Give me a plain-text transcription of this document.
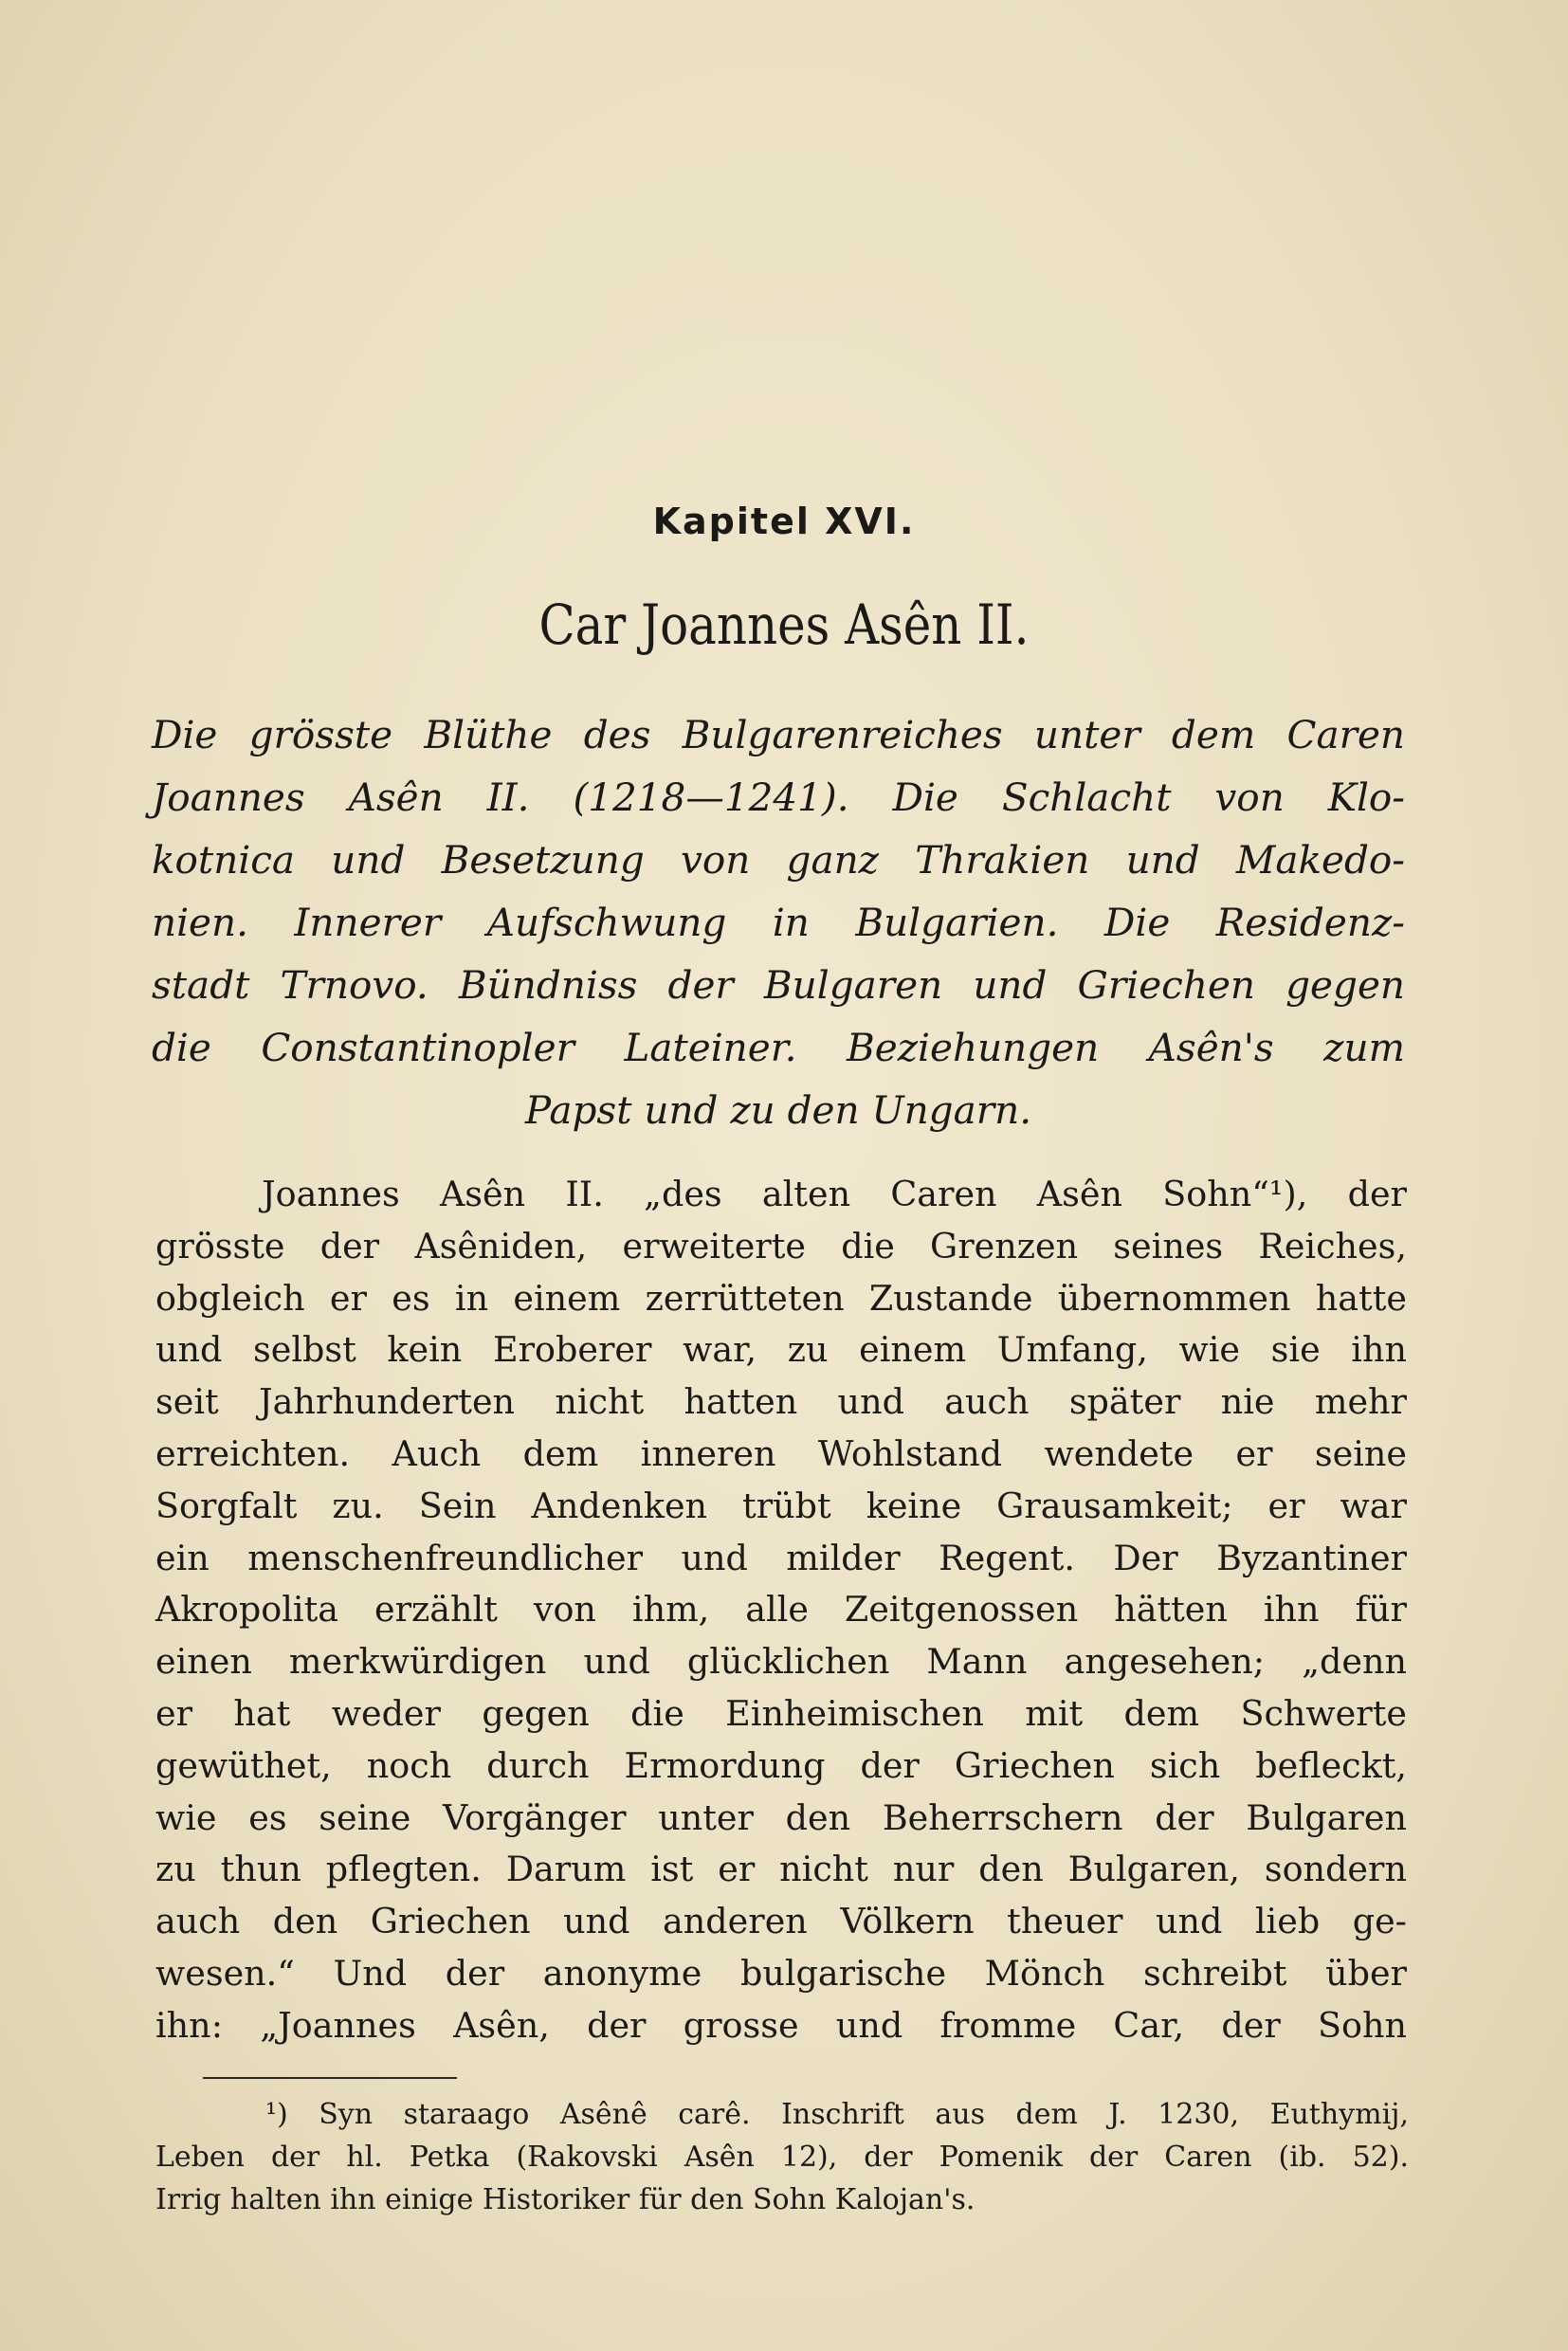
Kapitel XVI.
Car Joannes Asên II.
Die grösste Blüthe des Bulgarenreiches unter dem Caren
Joannes Asên II. (1218—1241). Die Schlacht von Klo-
kotnica und Besetzung von ganz Thrakien und Makedo-
nien. Innerer Aufschwung in Bulgarien. Die Residenz-
stadt Trnovo. Bündniss der Bulgaren und Griechen gegen
die Constantinopler Lateiner. Beziehungen Asên's zum
Papst und zu den Ungarn.
Joannes Asên II. „des alten Caren Asên Sohn“¹), der
grösste der Asêniden, erweiterte die Grenzen seines Reiches,
obgleich er es in einem zerrütteten Zustande übernommen hatte
und selbst kein Eroberer war, zu einem Umfang, wie sie ihn
seit Jahrhunderten nicht hatten und auch später nie mehr
erreichten. Auch dem inneren Wohlstand wendete er seine
Sorgfalt zu. Sein Andenken trübt keine Grausamkeit; er war
ein menschenfreundlicher und milder Regent. Der Byzantiner
Akropolita erzählt von ihm, alle Zeitgenossen hätten ihn für
einen merkwürdigen und glücklichen Mann angesehen; „denn
er hat weder gegen die Einheimischen mit dem Schwerte
gewüthet, noch durch Ermordung der Griechen sich befleckt,
wie es seine Vorgänger unter den Beherrschern der Bulgaren
zu thun pflegten. Darum ist er nicht nur den Bulgaren, sondern
auch den Griechen und anderen Völkern theuer und lieb ge-
wesen.“ Und der anonyme bulgarische Mönch schreibt über
ihn: „Joannes Asên, der grosse und fromme Car, der Sohn
¹) Syn staraago Asênê carê. Inschrift aus dem J. 1230, Euthymij,
Leben der hl. Petka (Rakovski Asên 12), der Pomenik der Caren (ib. 52).
Irrig halten ihn einige Historiker für den Sohn Kalojan's.
